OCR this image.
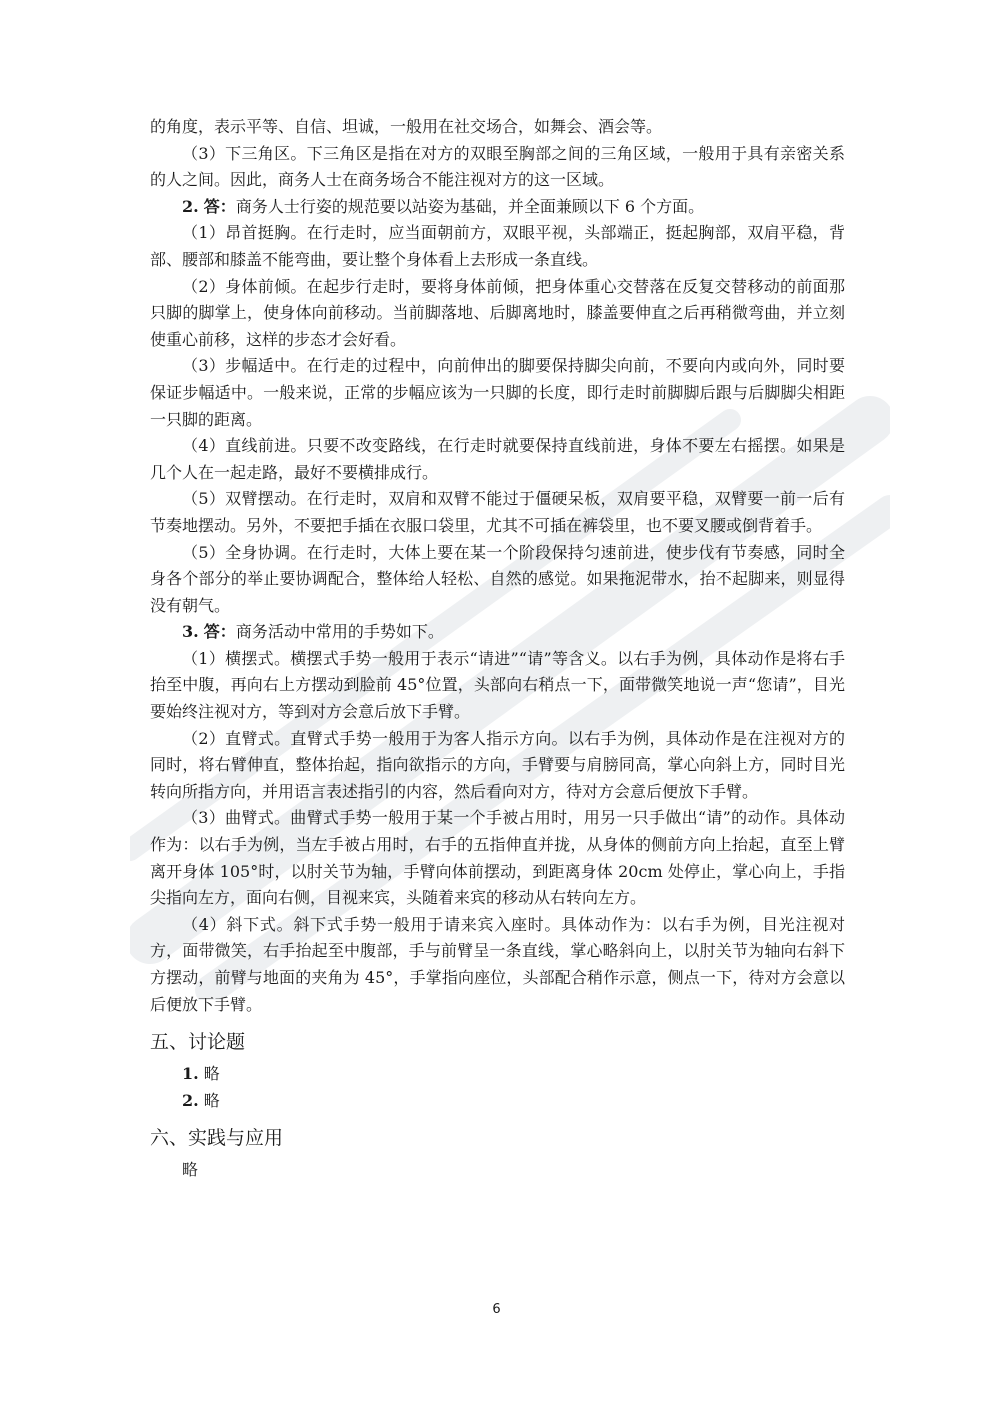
的角度，表示平等、自信、坦诚，一般用在社交场合，如舞会、酒会等。

（3）下三角区。下三角区是指在对方的双眼至胸部之间的三角区域，一般用于具有亲密关系的人之间。因此，商务人士在商务场合不能注视对方的这一区域。

2. 答：商务人士行姿的规范要以站姿为基础，并全面兼顾以下 6 个方面。

（1）昂首挺胸。在行走时，应当面朝前方，双眼平视，头部端正，挺起胸部，双肩平稳，背部、腰部和膝盖不能弯曲，要让整个身体看上去形成一条直线。

（2）身体前倾。在起步行走时，要将身体前倾，把身体重心交替落在反复交替移动的前面那只脚的脚掌上，使身体向前移动。当前脚落地、后脚离地时，膝盖要伸直之后再稍微弯曲，并立刻使重心前移，这样的步态才会好看。

（3）步幅适中。在行走的过程中，向前伸出的脚要保持脚尖向前，不要向内或向外，同时要保证步幅适中。一般来说，正常的步幅应该为一只脚的长度，即行走时前脚脚后跟与后脚脚尖相距一只脚的距离。

（4）直线前进。只要不改变路线，在行走时就要保持直线前进，身体不要左右摇摆。如果是几个人在一起走路，最好不要横排成行。

（5）双臂摆动。在行走时，双肩和双臂不能过于僵硬呆板，双肩要平稳，双臂要一前一后有节奏地摆动。另外，不要把手插在衣服口袋里，尤其不可插在裤袋里，也不要叉腰或倒背着手。

（5）全身协调。在行走时，大体上要在某一个阶段保持匀速前进，使步伐有节奏感，同时全身各个部分的举止要协调配合，整体给人轻松、自然的感觉。如果拖泥带水，抬不起脚来，则显得没有朝气。

3. 答：商务活动中常用的手势如下。

（1）横摆式。横摆式手势一般用于表示“请进”“请”等含义。以右手为例，具体动作是将右手抬至中腹，再向右上方摆动到脸前 45°位置，头部向右稍点一下，面带微笑地说一声“您请”，目光要始终注视对方，等到对方会意后放下手臂。

（2）直臂式。直臂式手势一般用于为客人指示方向。以右手为例，具体动作是在注视对方的同时，将右臂伸直，整体抬起，指向欲指示的方向，手臂要与肩膀同高，掌心向斜上方，同时目光转向所指方向，并用语言表述指引的内容，然后看向对方，待对方会意后便放下手臂。

（3）曲臂式。曲臂式手势一般用于某一个手被占用时，用另一只手做出“请”的动作。具体动作为：以右手为例，当左手被占用时，右手的五指伸直并拢，从身体的侧前方向上抬起，直至上臂离开身体 105°时，以肘关节为轴，手臂向体前摆动，到距离身体 20cm 处停止，掌心向上，手指尖指向左方，面向右侧，目视来宾，头随着来宾的移动从右转向左方。

（4）斜下式。斜下式手势一般用于请来宾入座时。具体动作为：以右手为例，目光注视对方，面带微笑，右手抬起至中腹部，手与前臂呈一条直线，掌心略斜向上，以肘关节为轴向右斜下方摆动，前臂与地面的夹角为 45°，手掌指向座位，头部配合稍作示意，侧点一下，待对方会意以后便放下手臂。

五、讨论题

1. 略

2. 略

六、实践与应用

略

6
